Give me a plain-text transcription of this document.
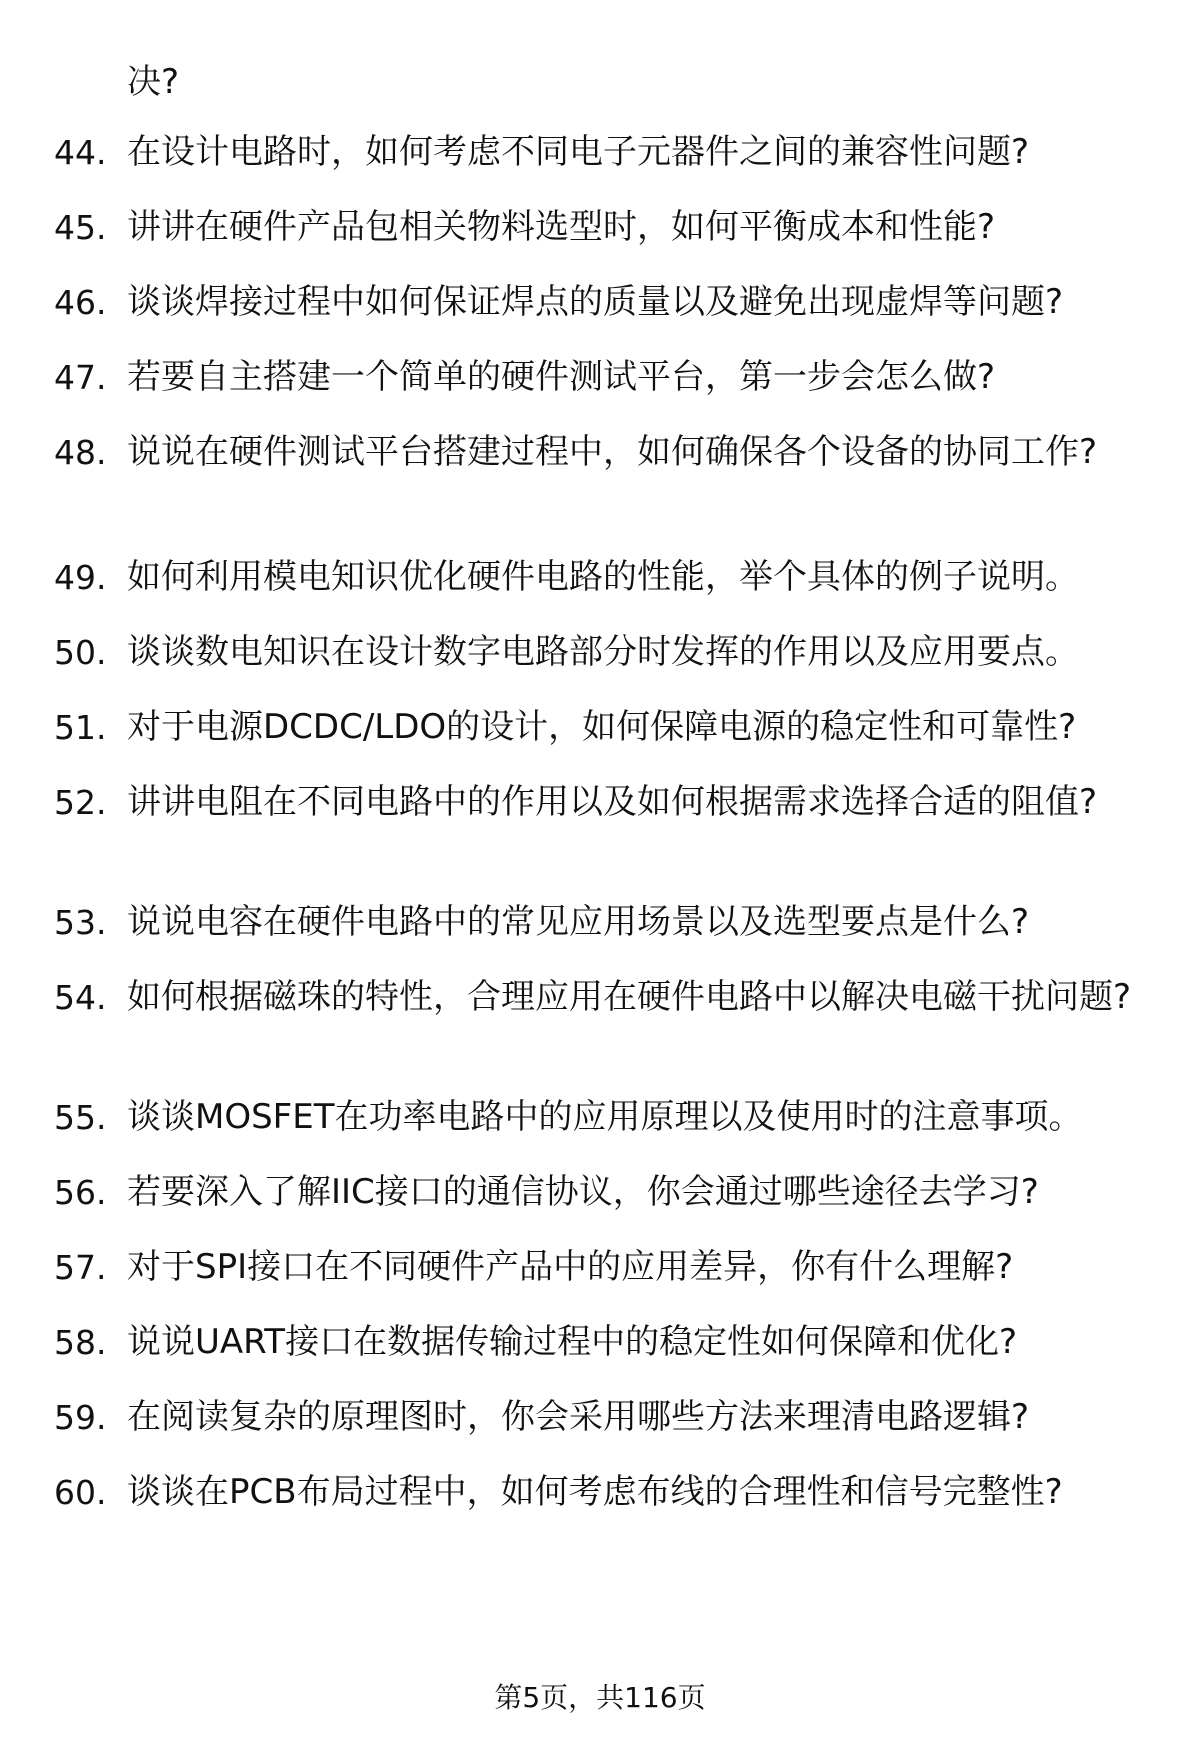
决?
44. 在设计电路时，如何考虑不同电子元器件之间的兼容性问题?
45. 讲讲在硬件产品包相关物料选型时，如何平衡成本和性能?
46. 谈谈焊接过程中如何保证焊点的质量以及避免出现虚焊等问题?
47. 若要自主搭建一个简单的硬件测试平台，第一步会怎么做?
48. 说说在硬件测试平台搭建过程中，如何确保各个设备的协同工作?
49. 如何利用模电知识优化硬件电路的性能，举个具体的例子说明。
50. 谈谈数电知识在设计数字电路部分时发挥的作用以及应用要点。
51. 对于电源DCDC/LDO的设计，如何保障电源的稳定性和可靠性?
52. 讲讲电阻在不同电路中的作用以及如何根据需求选择合适的阻值?
53. 说说电容在硬件电路中的常见应用场景以及选型要点是什么?
54. 如何根据磁珠的特性，合理应用在硬件电路中以解决电磁干扰问题?
55. 谈谈MOSFET在功率电路中的应用原理以及使用时的注意事项。
56. 若要深入了解IIC接口的通信协议，你会通过哪些途径去学习?
57. 对于SPI接口在不同硬件产品中的应用差异，你有什么理解?
58. 说说UART接口在数据传输过程中的稳定性如何保障和优化?
59. 在阅读复杂的原理图时，你会采用哪些方法来理清电路逻辑?
60. 谈谈在PCB布局过程中，如何考虑布线的合理性和信号完整性?
第5页，共116页
